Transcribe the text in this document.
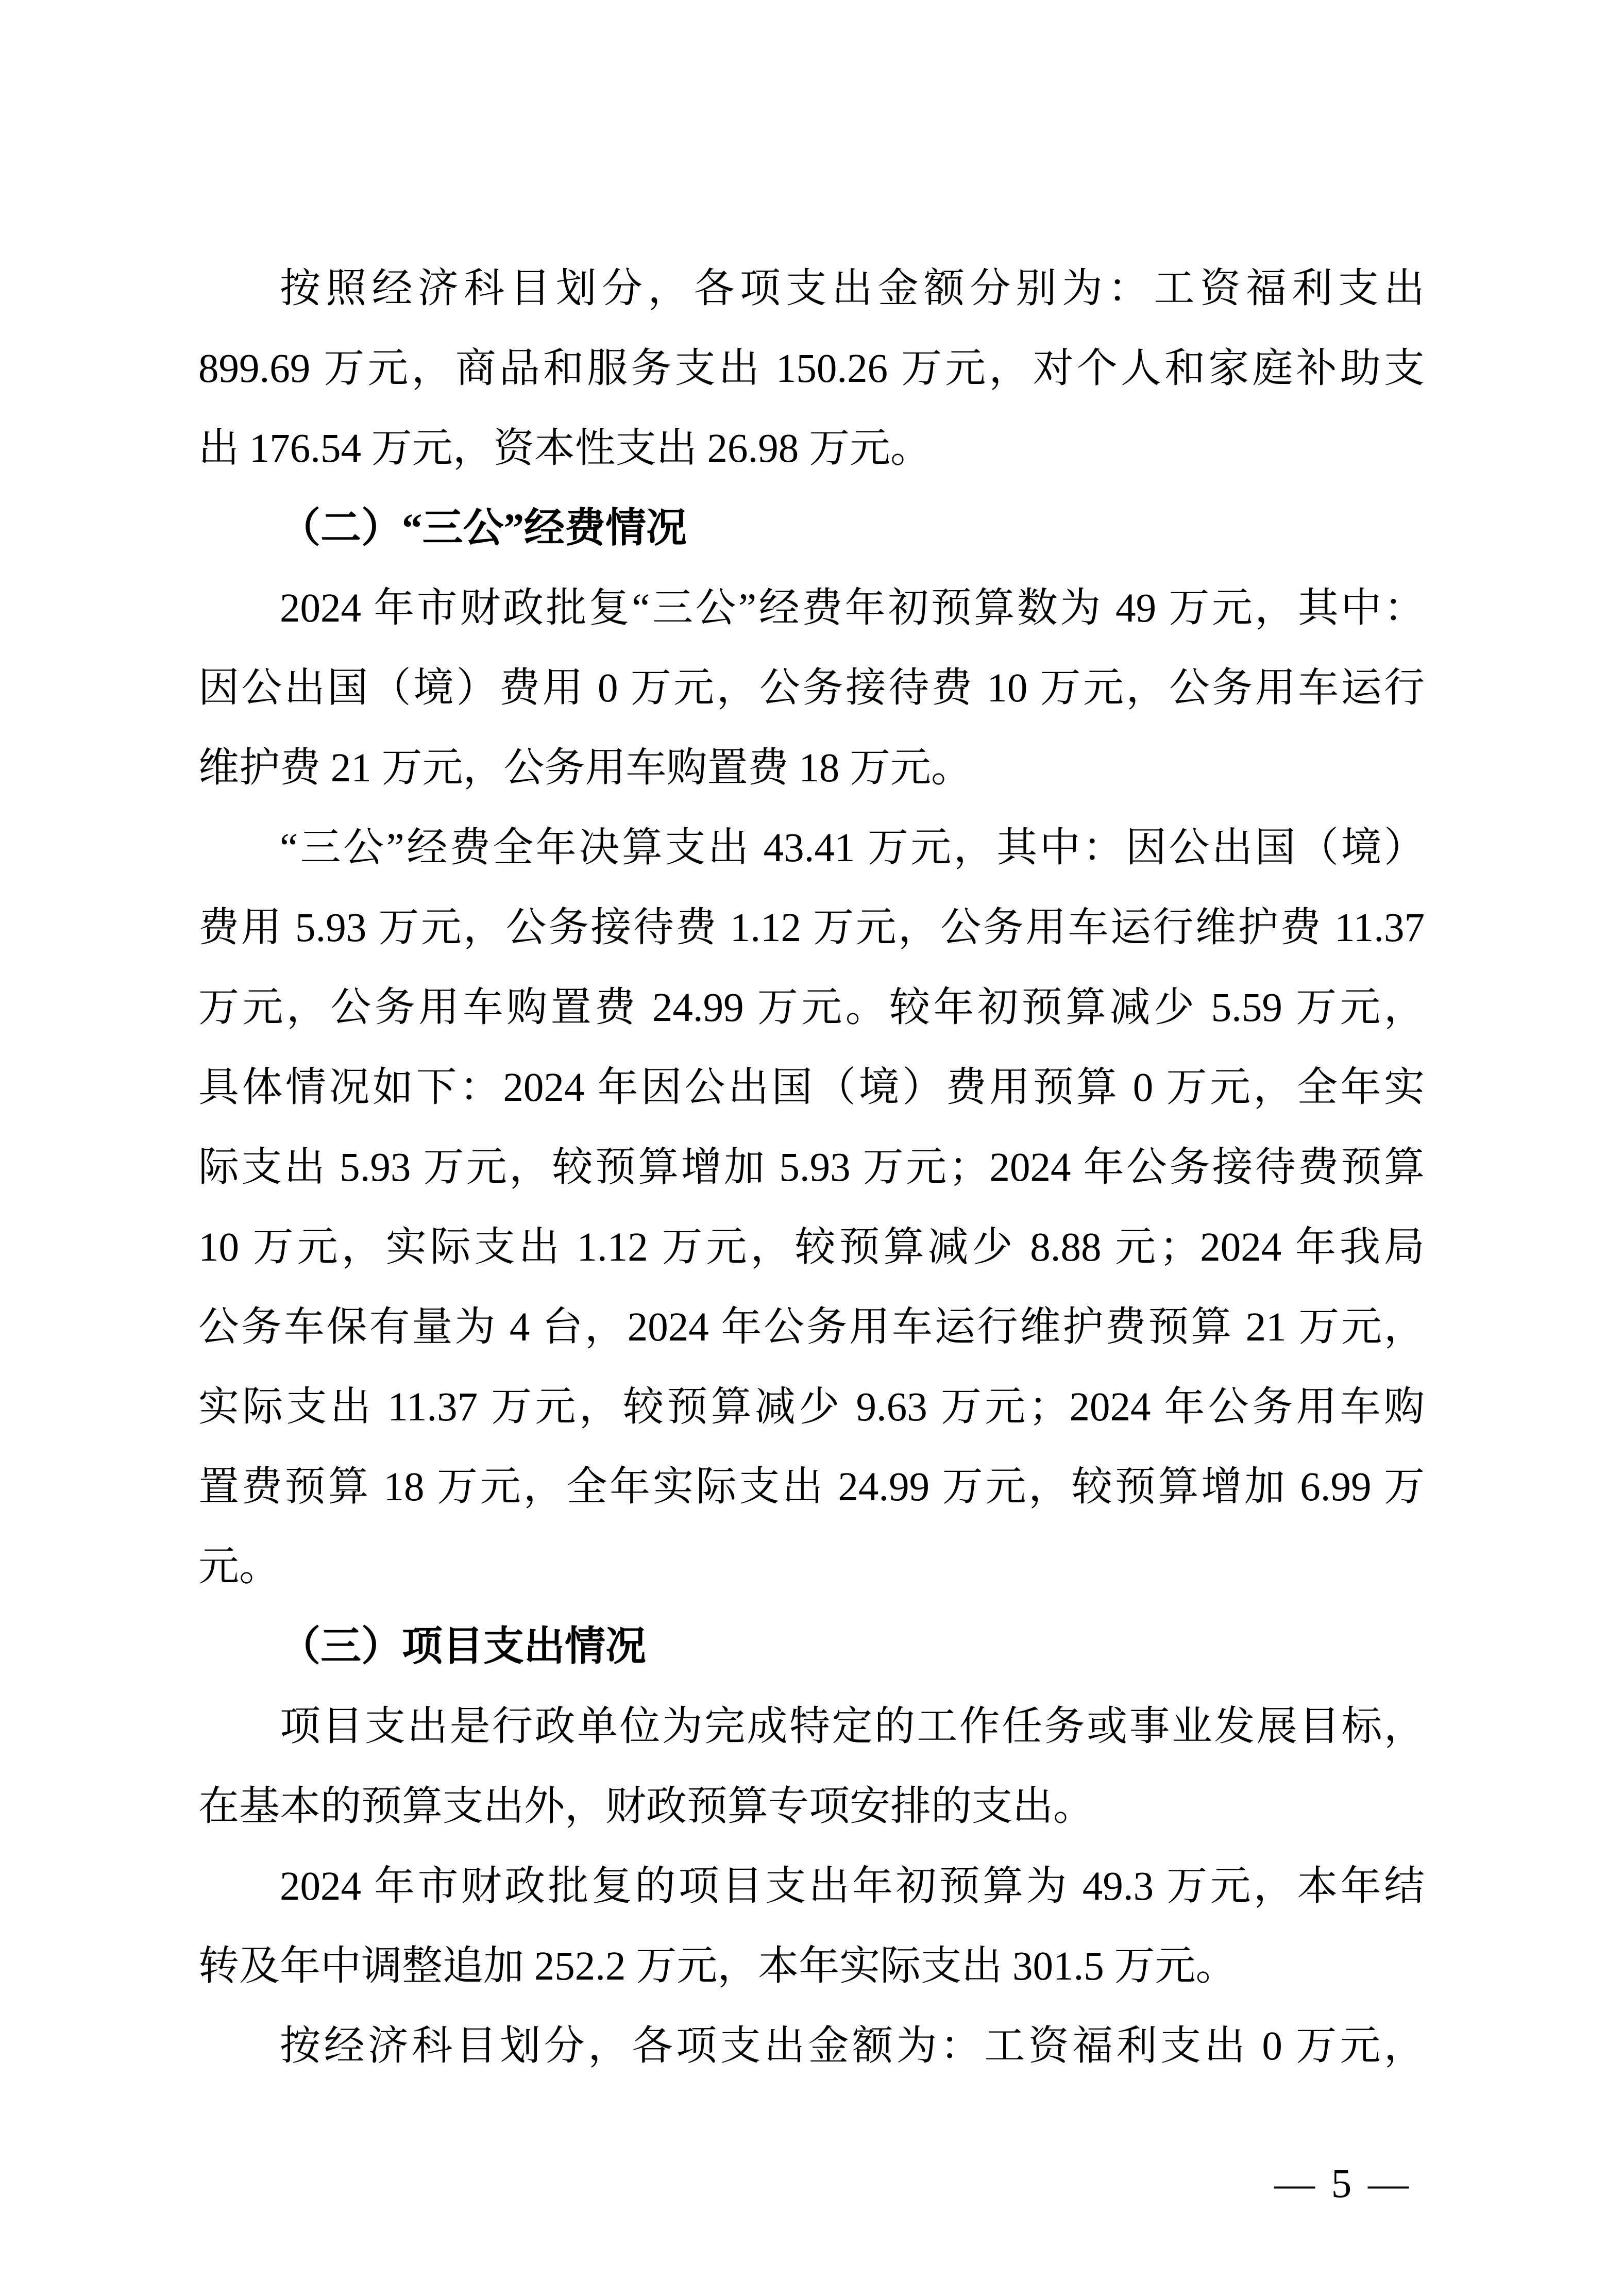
按照经济科目划分，各项支出金额分别为：工资福利支出

899.69 万元，商品和服务支出 150.26 万元，对个人和家庭补助支

出 176.54 万元，资本性支出 26.98 万元。

（二）“三公”经费情况

2024 年市财政批复“三公”经费年初预算数为 49 万元，其中：

因公出国（境）费用 0 万元，公务接待费 10 万元，公务用车运行

维护费 21 万元，公务用车购置费 18 万元。

“三公”经费全年决算支出 43.41 万元，其中：因公出国（境）

费用 5.93 万元，公务接待费 1.12 万元，公务用车运行维护费 11.37

万元，公务用车购置费 24.99 万元。较年初预算减少 5.59 万元，

具体情况如下：2024 年因公出国（境）费用预算 0 万元，全年实

际支出 5.93 万元，较预算增加 5.93 万元；2024 年公务接待费预算

10 万元，实际支出 1.12 万元，较预算减少 8.88 元；2024 年我局

公务车保有量为 4 台，2024 年公务用车运行维护费预算 21 万元，

实际支出 11.37 万元，较预算减少 9.63 万元；2024 年公务用车购

置费预算 18 万元，全年实际支出 24.99 万元，较预算增加 6.99 万

元。

（三）项目支出情况

项目支出是行政单位为完成特定的工作任务或事业发展目标，

在基本的预算支出外，财政预算专项安排的支出。

2024 年市财政批复的项目支出年初预算为 49.3 万元，本年结

转及年中调整追加 252.2 万元，本年实际支出 301.5 万元。

按经济科目划分，各项支出金额为：工资福利支出 0 万元，

— 5 —
